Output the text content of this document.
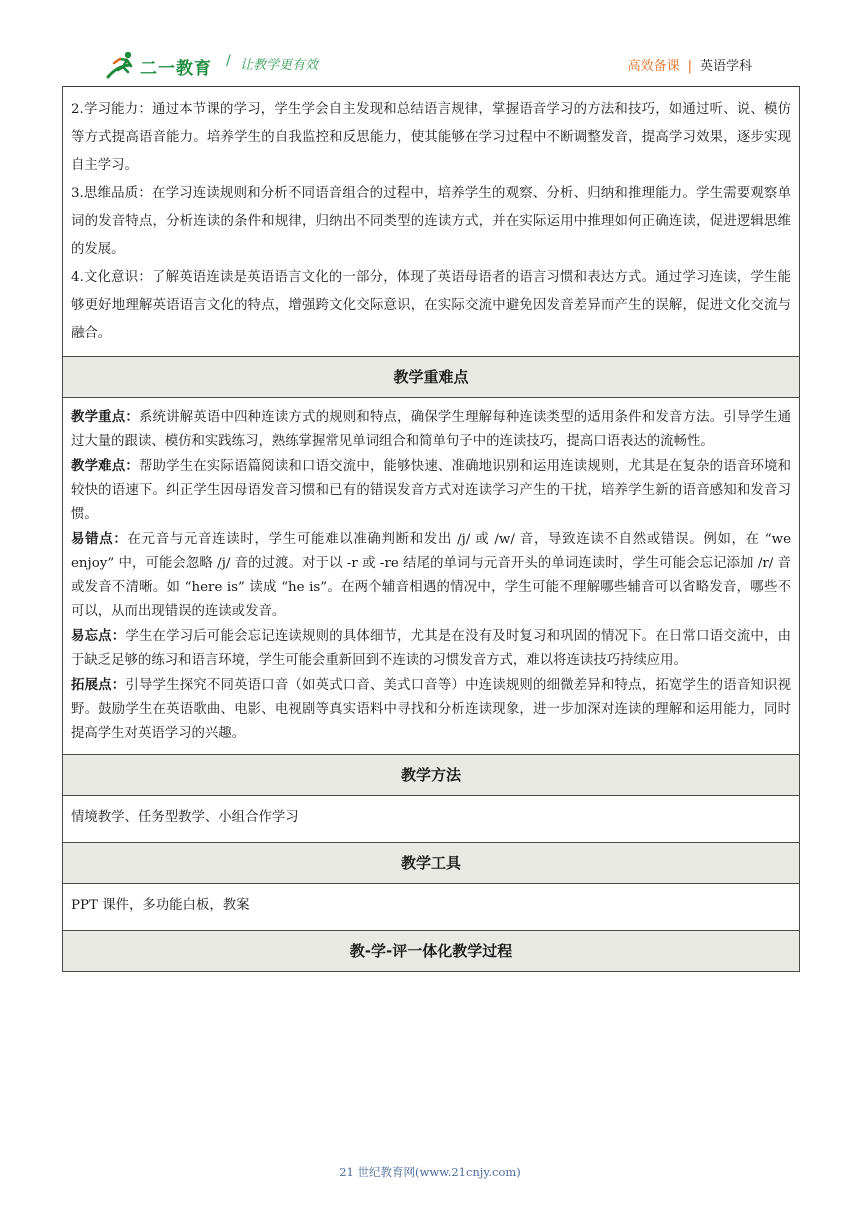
二一教育 / 让教学更有效	高效备课 | 英语学科

2.学习能力：通过本节课的学习，学生学会自主发现和总结语言规律，掌握语音学习的方法和技巧，如通过听、说、模仿等方式提高语音能力。培养学生的自我监控和反思能力，使其能够在学习过程中不断调整发音，提高学习效果，逐步实现自主学习。

3.思维品质：在学习连读规则和分析不同语音组合的过程中，培养学生的观察、分析、归纳和推理能力。学生需要观察单词的发音特点，分析连读的条件和规律，归纳出不同类型的连读方式，并在实际运用中推理如何正确连读，促进逻辑思维的发展。

4.文化意识：了解英语连读是英语语言文化的一部分，体现了英语母语者的语言习惯和表达方式。通过学习连读，学生能够更好地理解英语语言文化的特点，增强跨文化交际意识，在实际交流中避免因发音差异而产生的误解，促进文化交流与融合。

教学重难点

教学重点：系统讲解英语中四种连读方式的规则和特点，确保学生理解每种连读类型的适用条件和发音方法。引导学生通过大量的跟读、模仿和实践练习，熟练掌握常见单词组合和简单句子中的连读技巧，提高口语表达的流畅性。

教学难点：帮助学生在实际语篇阅读和口语交流中，能够快速、准确地识别和运用连读规则，尤其是在复杂的语音环境和较快的语速下。纠正学生因母语发音习惯和已有的错误发音方式对连读学习产生的干扰，培养学生新的语音感知和发音习惯。

易错点：在元音与元音连读时，学生可能难以准确判断和发出 /j/ 或 /w/ 音，导致连读不自然或错误。例如，在 “we enjoy” 中，可能会忽略 /j/ 音的过渡。对于以 -r 或 -re 结尾的单词与元音开头的单词连读时，学生可能会忘记添加 /r/ 音或发音不清晰。如 “here is” 读成 “he is”。在两个辅音相遇的情况中，学生可能不理解哪些辅音可以省略发音，哪些不可以，从而出现错误的连读或发音。

易忘点：学生在学习后可能会忘记连读规则的具体细节，尤其是在没有及时复习和巩固的情况下。在日常口语交流中，由于缺乏足够的练习和语言环境，学生可能会重新回到不连读的习惯发音方式，难以将连读技巧持续应用。

拓展点：引导学生探究不同英语口音（如英式口音、美式口音等）中连读规则的细微差异和特点，拓宽学生的语音知识视野。鼓励学生在英语歌曲、电影、电视剧等真实语料中寻找和分析连读现象，进一步加深对连读的理解和运用能力，同时提高学生对英语学习的兴趣。

教学方法
情境教学、任务型教学、小组合作学习
教学工具
PPT 课件，多功能白板，教案
教-学-评一体化教学过程
21 世纪教育网(www.21cnjy.com)
